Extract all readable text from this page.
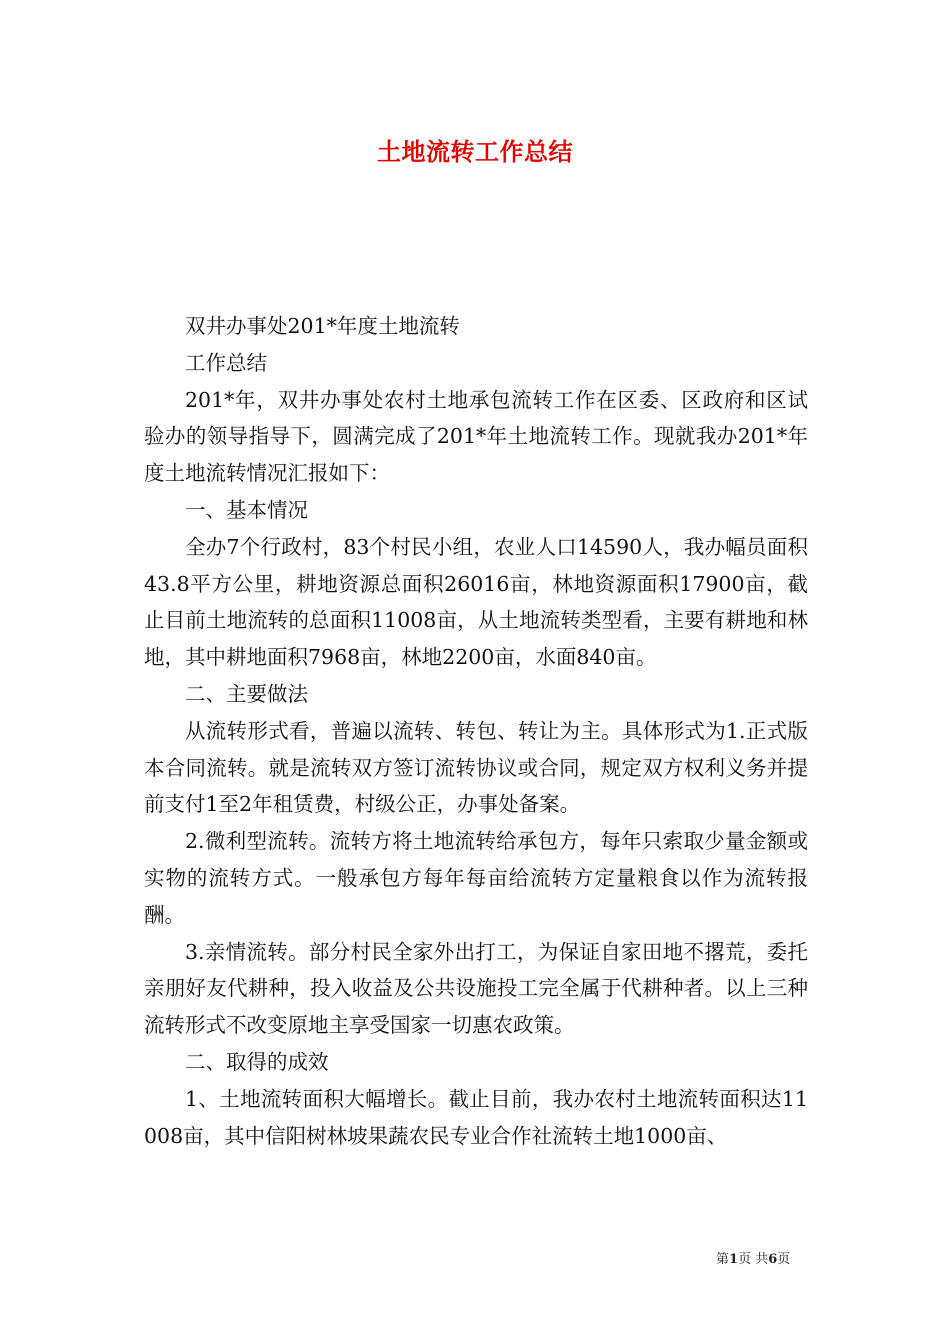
土地流转工作总结

双井办事处201*年度土地流转

工作总结

201*年，双井办事处农村土地承包流转工作在区委、区政府和区试验办的领导指导下，圆满完成了201*年土地流转工作。现就我办201*年度土地流转情况汇报如下：

一、基本情况

全办7个行政村，83个村民小组，农业人口14590人，我办幅员面积43.8平方公里，耕地资源总面积26016亩，林地资源面积17900亩，截止目前土地流转的总面积11008亩，从土地流转类型看，主要有耕地和林地，其中耕地面积7968亩，林地2200亩，水面840亩。

二、主要做法

从流转形式看，普遍以流转、转包、转让为主。具体形式为1.正式版本合同流转。就是流转双方签订流转协议或合同，规定双方权利义务并提前支付1至2年租赁费，村级公正，办事处备案。

2.微利型流转。流转方将土地流转给承包方，每年只索取少量金额或实物的流转方式。一般承包方每年每亩给流转方定量粮食以作为流转报酬。

3.亲情流转。部分村民全家外出打工，为保证自家田地不撂荒，委托亲朋好友代耕种，投入收益及公共设施投工完全属于代耕种者。以上三种流转形式不改变原地主享受国家一切惠农政策。

二、取得的成效

1、土地流转面积大幅增长。截止目前，我办农村土地流转面积达11008亩，其中信阳树林坡果蔬农民专业合作社流转土地1000亩、

第1页 共6页
